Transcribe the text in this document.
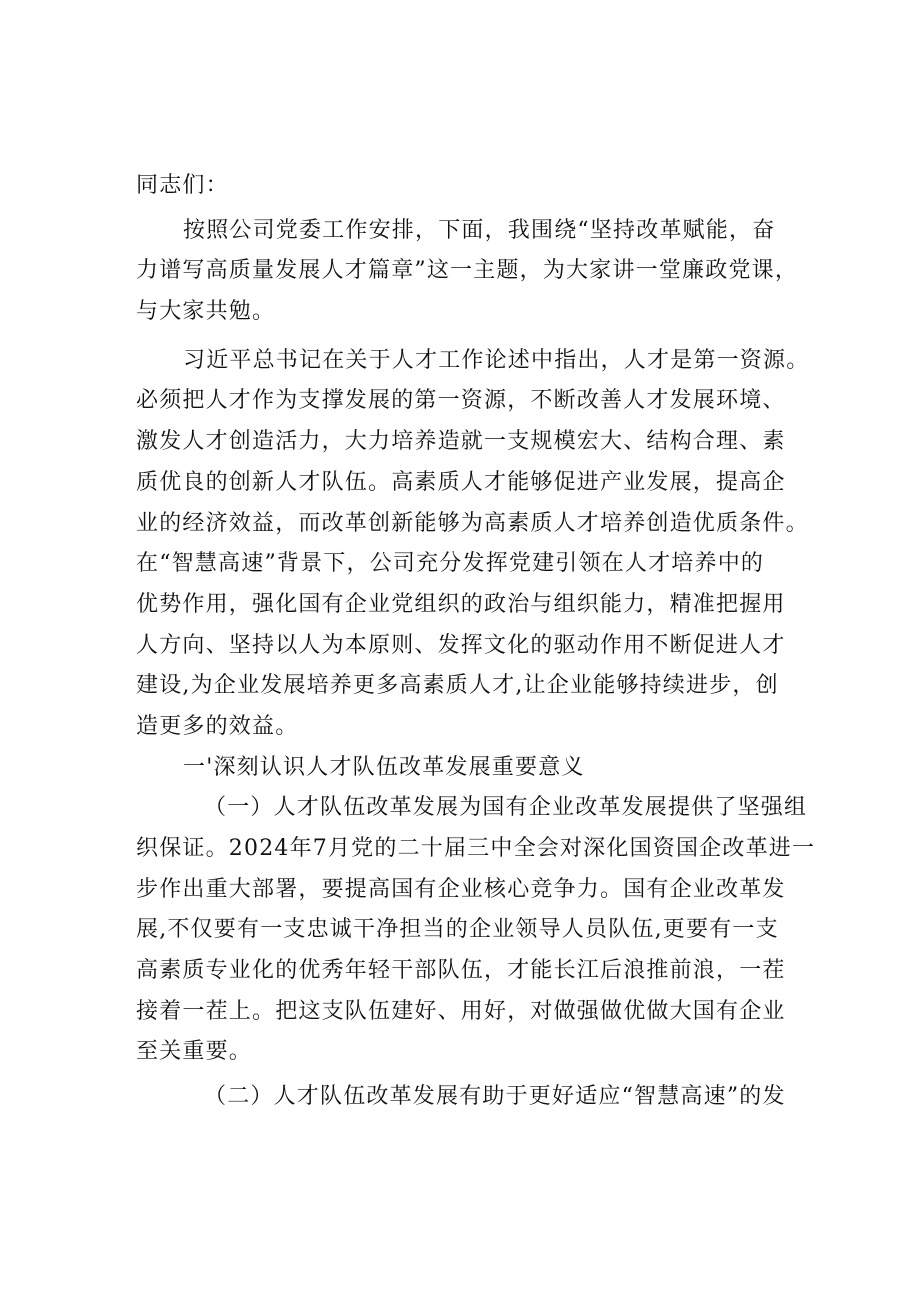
同志们：
按照公司党委工作安排，下面，我围绕“坚持改革赋能，奋
力谱写高质量发展人才篇章”这一主题，为大家讲一堂廉政党课，
与大家共勉。
习近平总书记在关于人才工作论述中指出，人才是第一资源。
必须把人才作为支撑发展的第一资源，不断改善人才发展环境、
激发人才创造活力，大力培养造就一支规模宏大、结构合理、素
质优良的创新人才队伍。高素质人才能够促进产业发展，提高企
业的经济效益，而改革创新能够为高素质人才培养创造优质条件。
在“智慧高速”背景下，公司充分发挥党建引领在人才培养中的
优势作用，强化国有企业党组织的政治与组织能力，精准把握用
人方向、坚持以人为本原则、发挥文化的驱动作用不断促进人才
建设,为企业发展培养更多高素质人才,让企业能够持续进步，创
造更多的效益。
一'深刻认识人才队伍改革发展重要意义
（一）人才队伍改革发展为国有企业改革发展提供了坚强组
织保证。2024年7月党的二十届三中全会对深化国资国企改革进一
步作出重大部署，要提高国有企业核心竞争力。国有企业改革发
展,不仅要有一支忠诚干净担当的企业领导人员队伍,更要有一支
高素质专业化的优秀年轻干部队伍，才能长江后浪推前浪，一茬
接着一茬上。把这支队伍建好、用好，对做强做优做大国有企业
至关重要。
（二）人才队伍改革发展有助于更好适应“智慧高速”的发
